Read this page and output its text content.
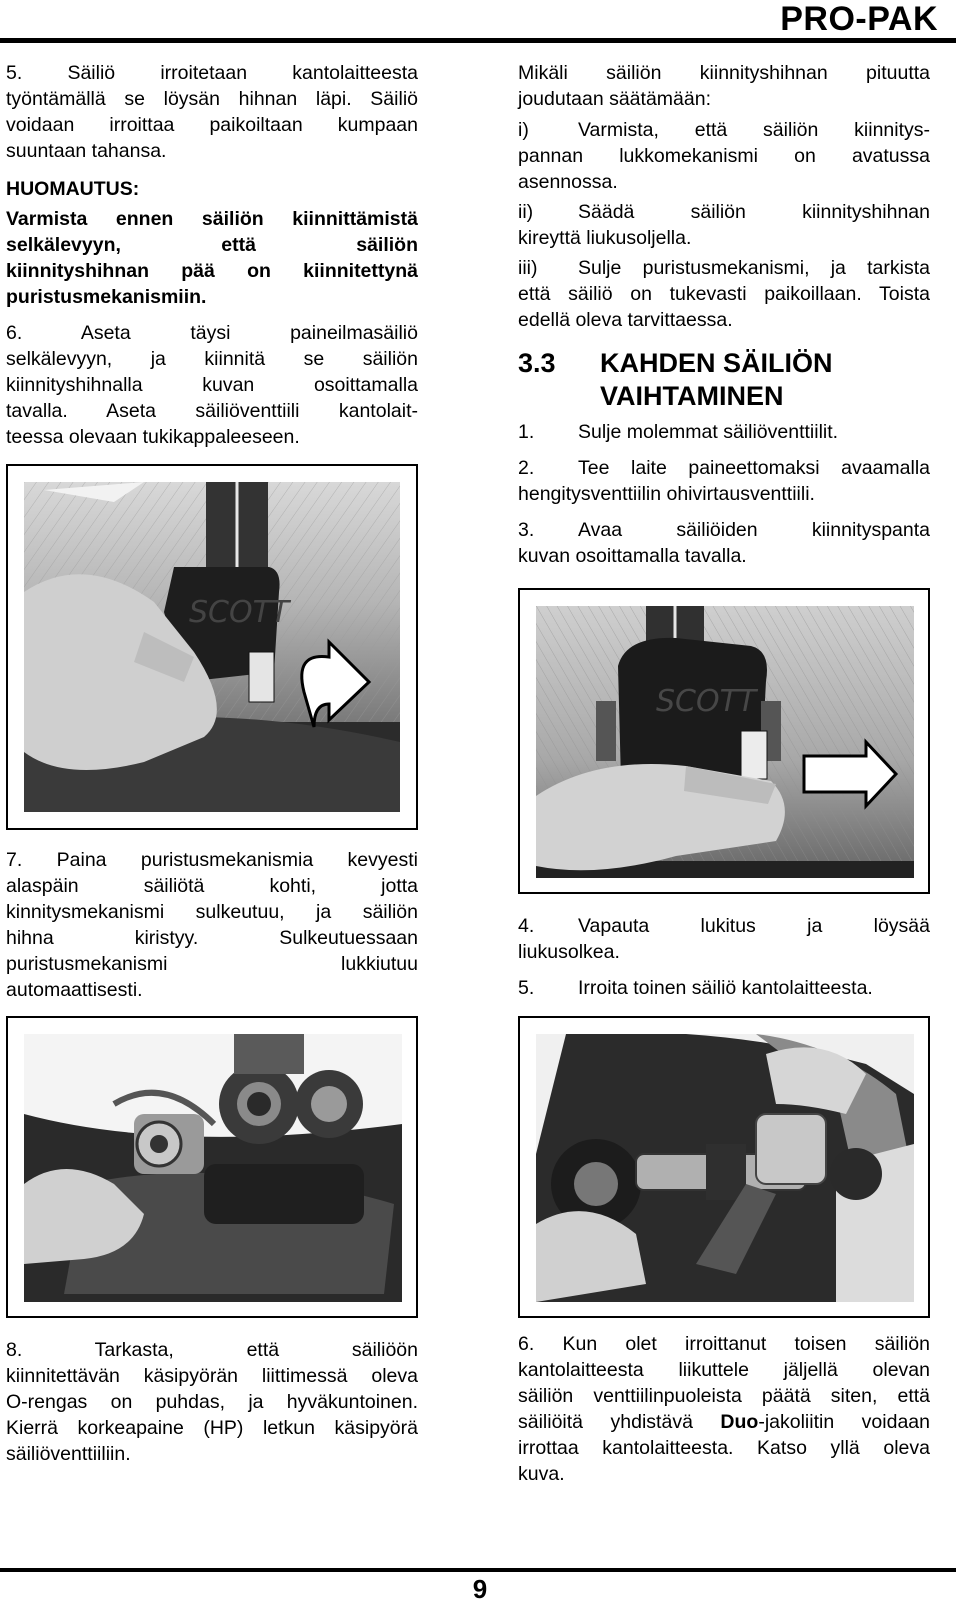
PRO-PAK

5. Säiliö irroitetaan kantolaitteesta

työntämällä se löysän hihnan läpi. Säiliö

voidaan irroittaa paikoiltaan kumpaan

suuntaan tahansa.

HUOMAUTUS:

Varmista ennen säiliön kiinnittämistä

selkälevyyn, että säiliön

kiinnityshihnan pää on kiinnitettynä

puristusmekanismiin.

6. Aseta täysi paineilmasäiliö

selkälevyyn, ja kiinnitä se säiliön

kiinnityshihnalla kuvan osoittamalla

tavalla. Aseta säiliöventtiili kantolait-

teessa olevaan tukikappaleeseen.

SCOTT

7. Paina puristusmekanismia kevyesti

alaspäin säiliötä kohti, jotta

kinnitysmekanismi sulkeutuu, ja säiliön

hihna kiristyy. Sulkeutuessaan

puristusmekanismi lukkiutuu

automaattisesti.

8. Tarkasta, että säiliöön

kiinnitettävän käsipyörän liittimessä oleva

O-rengas on puhdas, ja hyväkuntoinen.

Kierrä korkeapaine (HP) letkun käsipyörä

säiliöventtiiliin.

Mikäli säiliön kiinnityshihnan pituutta

joudutaan säätämään:

i)	Varmista, että säiliön kiinnitys-

pannan lukkomekanismi on avatussa

asennossa.

ii)	Säädä säiliön kiinnityshihnan

kireyttä liukusoljella.

iii)	Sulje puristusmekanismi, ja tarkista

että säiliö on tukevasti paikoillaan. Toista

edellä oleva tarvittaessa.

3.3	KAHDEN SÄILIÖN
VAIHTAMINEN
1.	Sulje molemmat säiliöventtiilit.
2.	Tee laite paineettomaksi avaamalla

hengitysventtiilin ohivirtausventtiili.

3.	Avaa säiliöiden kiinnityspanta

kuvan osoittamalla tavalla.

SCOTT
4.	Vapauta lukitus ja löysää

liukusolkea.

5.	Irroita toinen säiliö kantolaitteesta.

6. Kun olet irroittanut toisen säiliön

kantolaitteesta liikuttele jäljellä olevan

säiliön venttiilinpuoleista päätä siten, että

säiliöitä yhdistävä Duo-jakoliitin voidaan

irrottaa kantolaitteesta. Katso yllä oleva

kuva.

9
